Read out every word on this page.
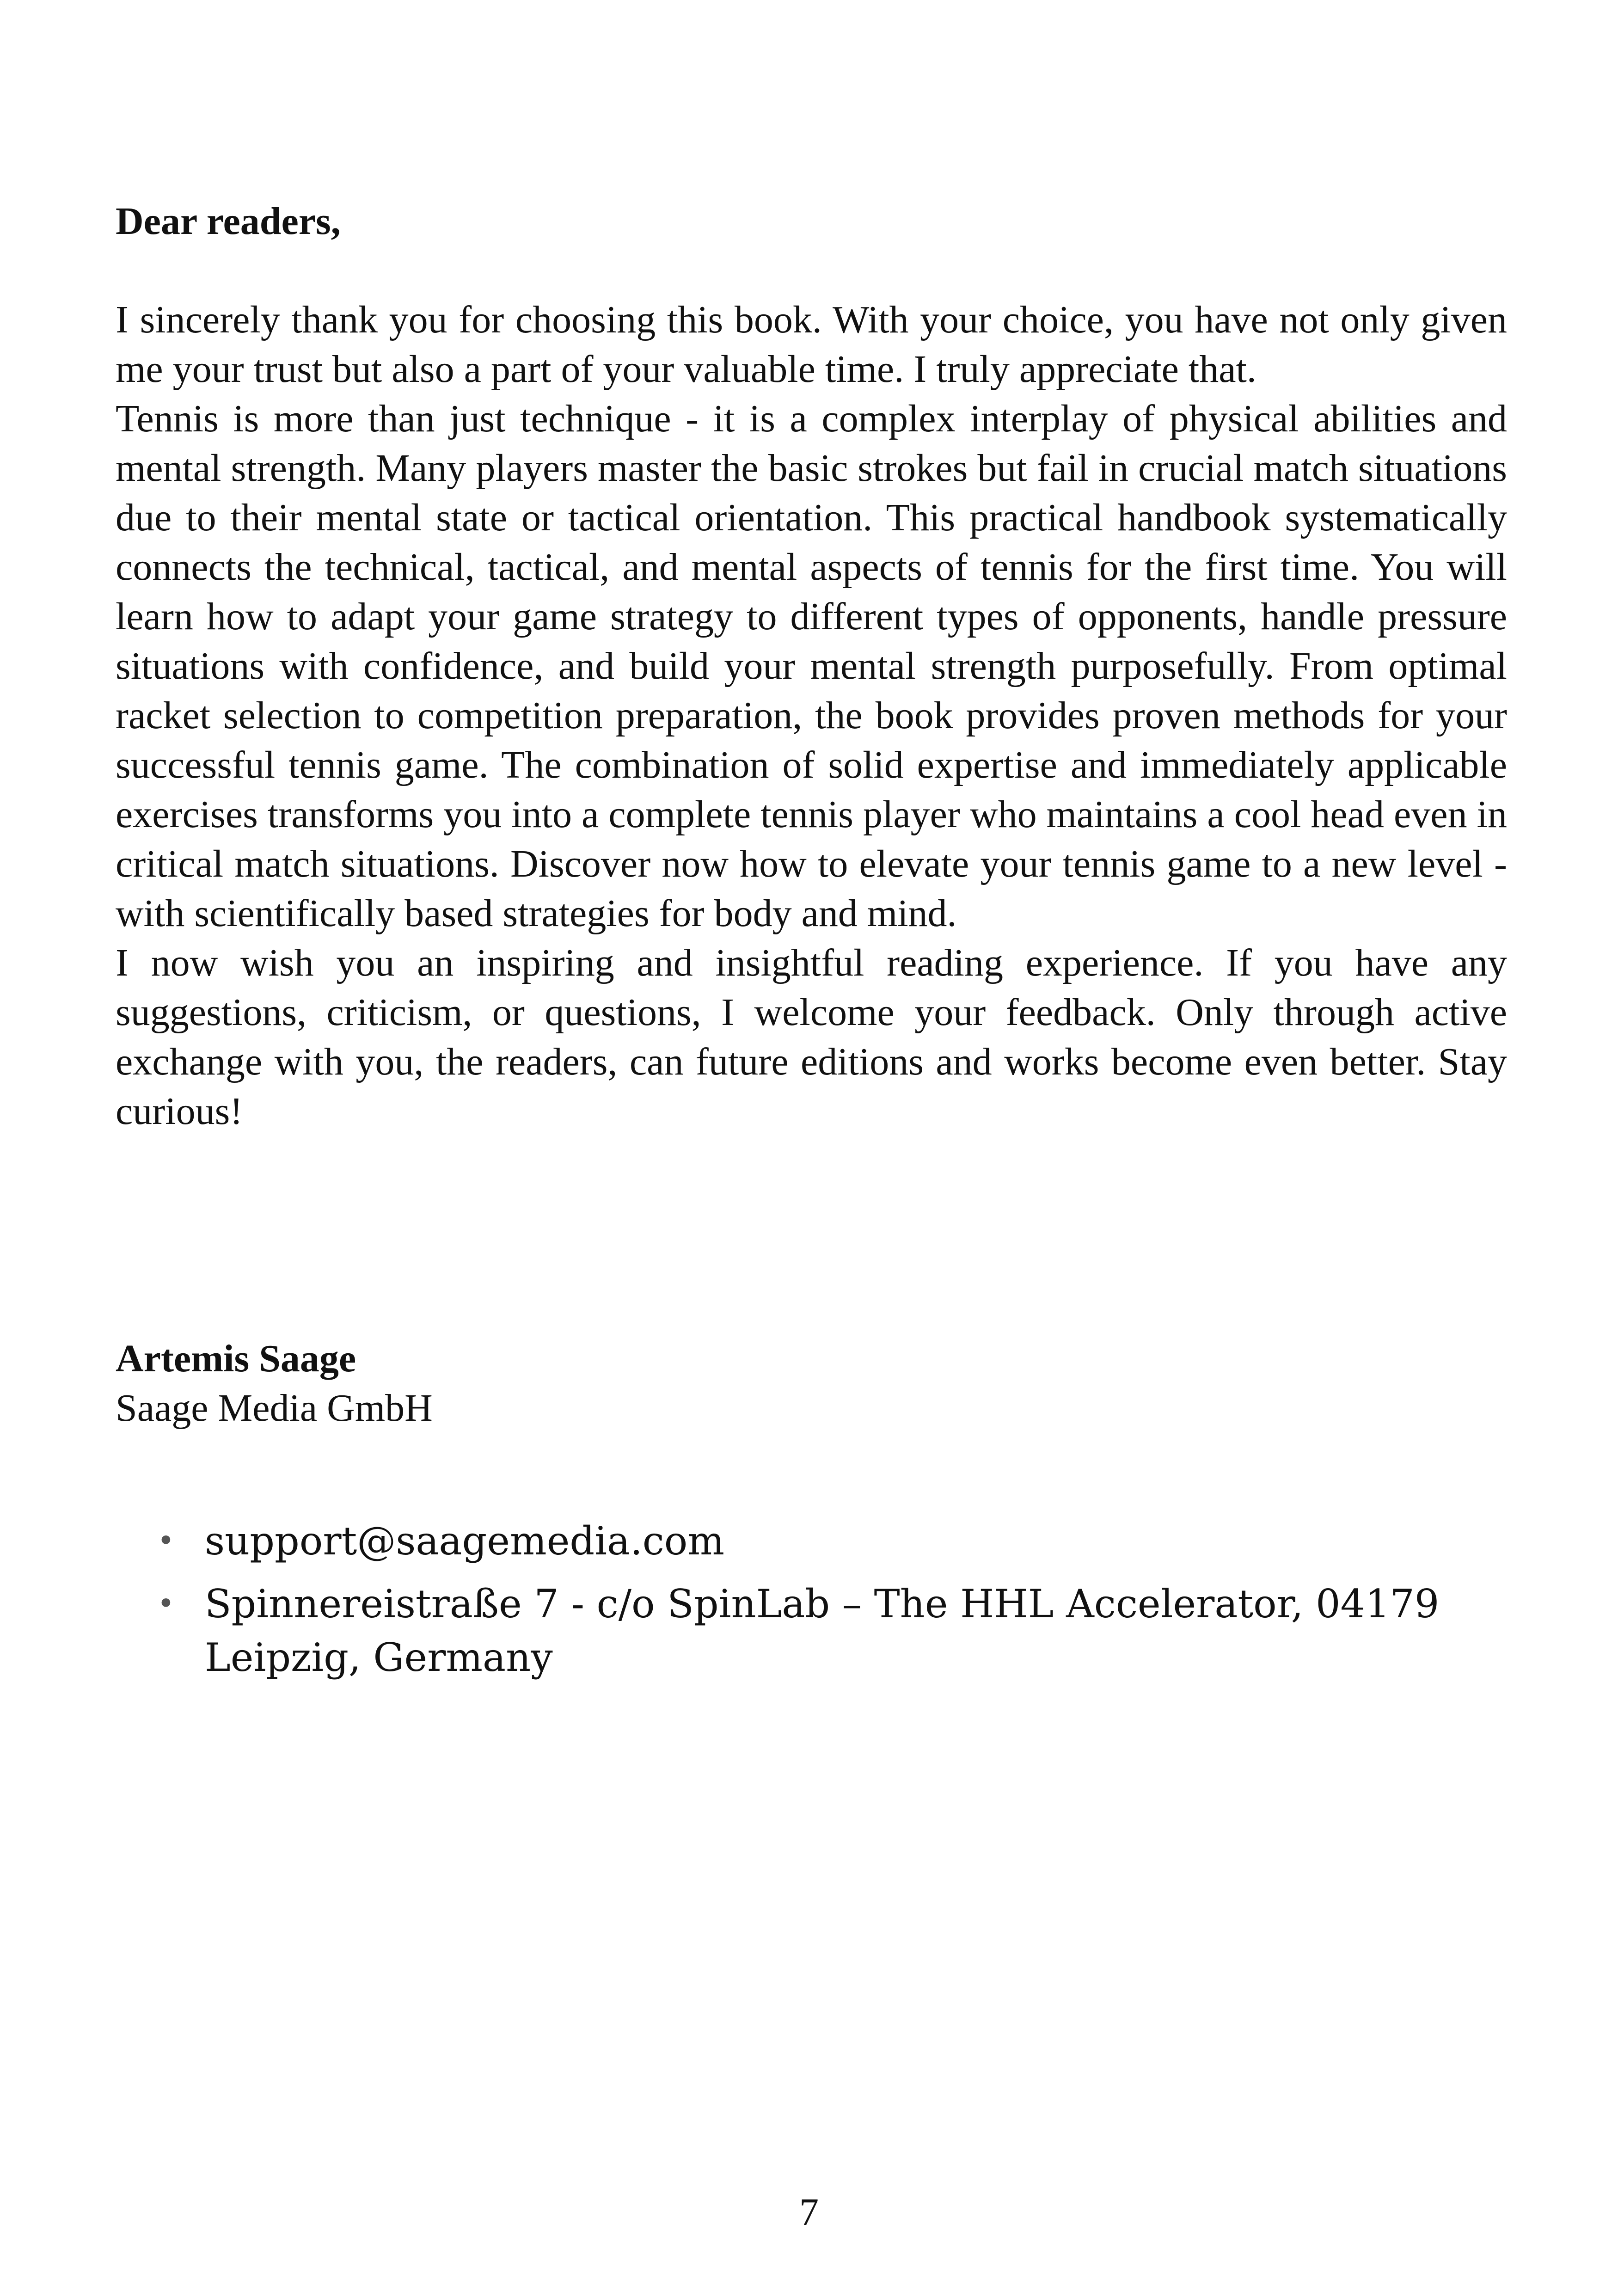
Dear readers,

I sincerely thank you for choosing this book. With your choice, you have not only given me your trust but also a part of your valuable time. I truly appreciate that.

Tennis is more than just technique - it is a complex interplay of physical abilities and mental strength. Many players master the basic strokes but fail in crucial match situations due to their mental state or tactical orientation. This practical handbook systematically connects the technical, tactical, and mental aspects of tennis for the first time. You will learn how to adapt your game strategy to different types of opponents, handle pressure situations with confidence, and build your mental strength purposefully. From optimal racket selection to competition preparation, the book provides proven methods for your successful tennis game. The combination of solid expertise and immediately applicable exercises transforms you into a complete tennis player who maintains a cool head even in critical match situations. Discover now how to elevate your tennis game to a new level - with scientifically based strategies for body and mind.

I now wish you an inspiring and insightful reading experience. If you have any suggestions, criticism, or questions, I welcome your feedback. Only through active exchange with you, the readers, can future editions and works become even better. Stay curious!

Artemis Saage
Saage Media GmbH
• support@saagemedia.com
• Spinnereistraße 7 - c/o SpinLab – The HHL Accelerator, 04179 Leipzig, Germany
7
